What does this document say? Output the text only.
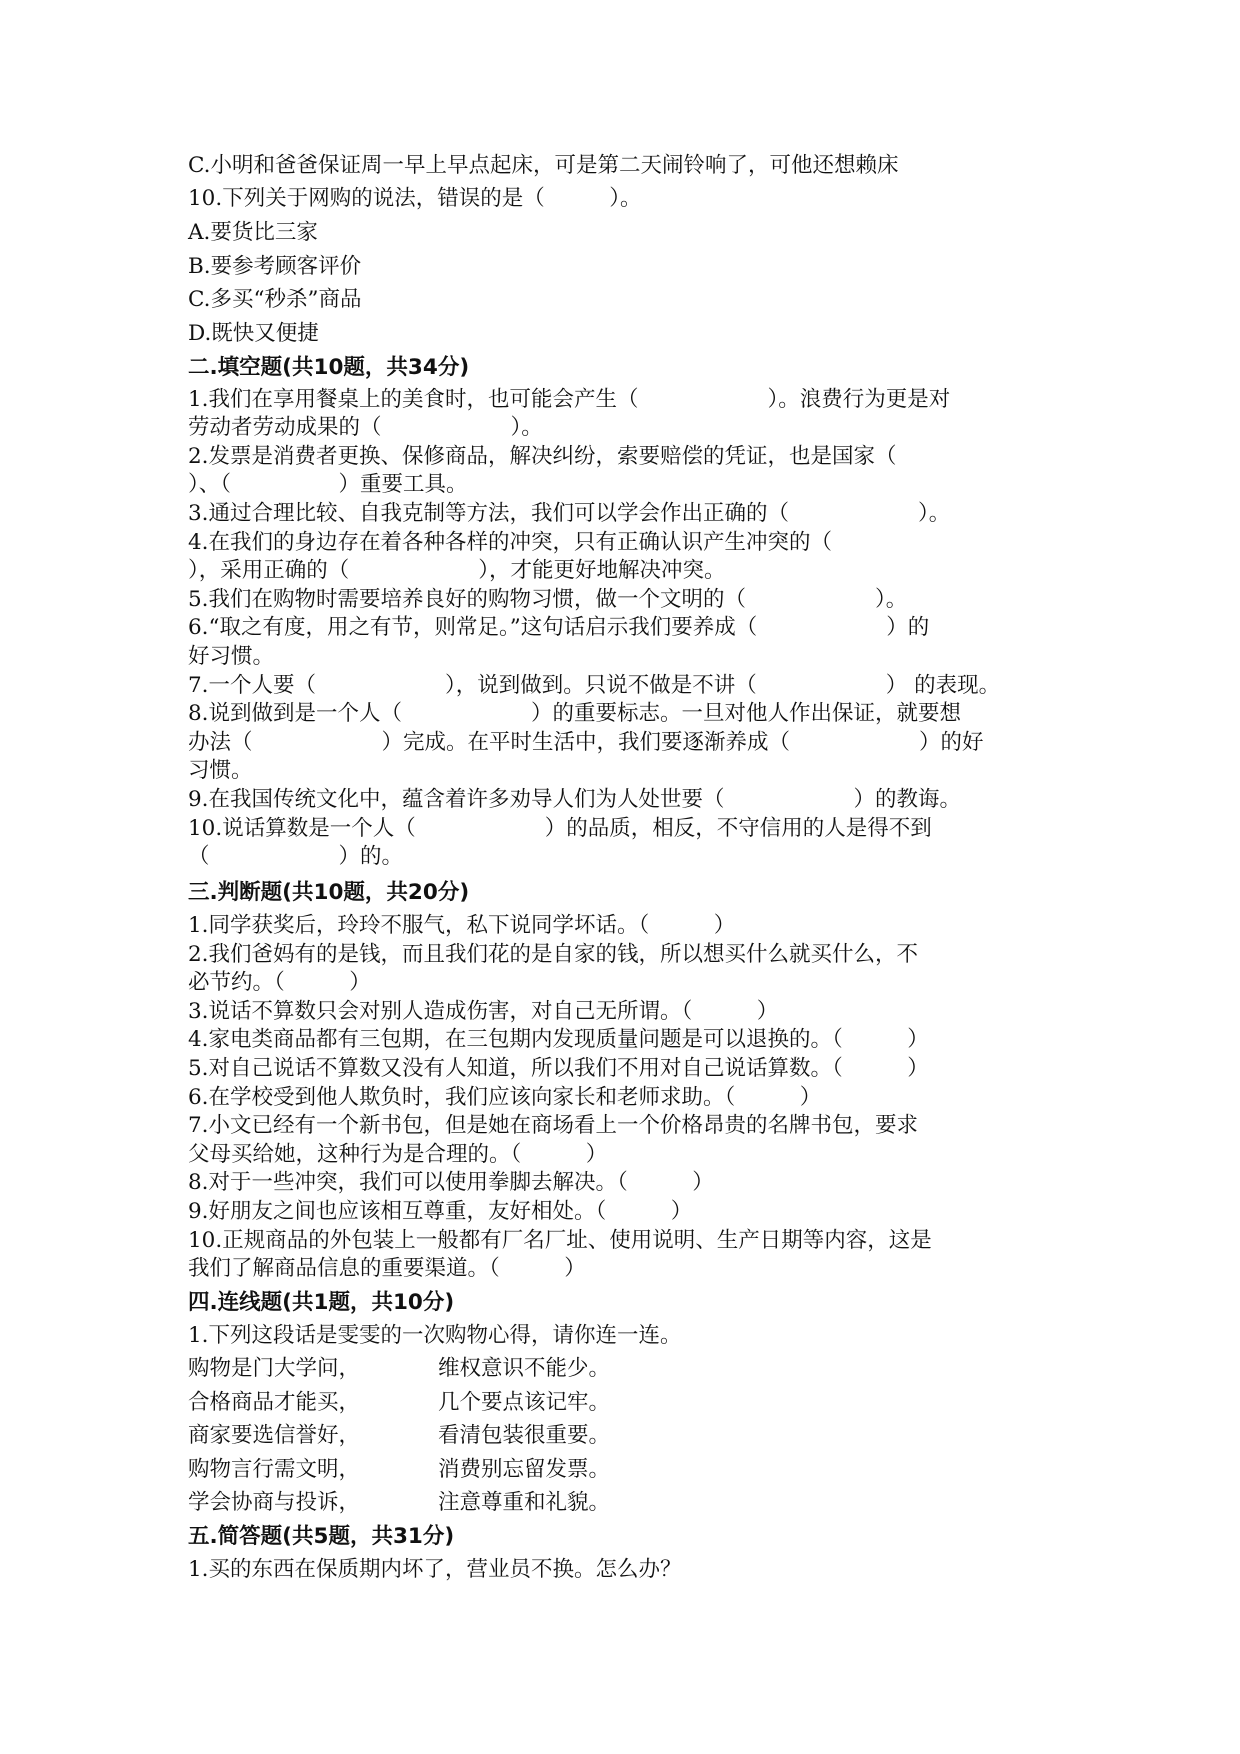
C.小明和爸爸保证周一早上早点起床，可是第二天闹铃响了，可他还想赖床
10.下列关于网购的说法，错误的是（　　　）。
A.要货比三家
B.要参考顾客评价
C.多买“秒杀”商品
D.既快又便捷
二.填空题(共10题，共34分)
1.我们在享用餐桌上的美食时，也可能会产生（　　　　　　）。浪费行为更是对
劳动者劳动成果的（　　　　　　）。
2.发票是消费者更换、保修商品，解决纠纷，索要赔偿的凭证，也是国家（
）、（　　　　　）重要工具。
3.通过合理比较、自我克制等方法，我们可以学会作出正确的（　　　　　　）。
4.在我们的身边存在着各种各样的冲突，只有正确认识产生冲突的（
），采用正确的（　　　　　　），才能更好地解决冲突。
5.我们在购物时需要培养良好的购物习惯，做一个文明的（　　　　　　）。
6.“取之有度，用之有节，则常足。”这句话启示我们要养成（　　　　　　）的
好习惯。
7.一个人要（　　　　　　），说到做到。只说不做是不讲（　　　　　　） 的表现。
8.说到做到是一个人（　　　　　　）的重要标志。一旦对他人作出保证，就要想
办法（　　　　　　）完成。在平时生活中，我们要逐渐养成（　　　　　　）的好
习惯。
9.在我国传统文化中，蕴含着许多劝导人们为人处世要（　　　　　　）的教诲。
10.说话算数是一个人（　　　　　　）的品质，相反，不守信用的人是得不到
（　　　　　　）的。
三.判断题(共10题，共20分)
1.同学获奖后，玲玲不服气，私下说同学坏话。（　　　）
2.我们爸妈有的是钱，而且我们花的是自家的钱，所以想买什么就买什么，不
必节约。（　　　）
3.说话不算数只会对别人造成伤害，对自己无所谓。（　　　）
4.家电类商品都有三包期，在三包期内发现质量问题是可以退换的。（　　　）
5.对自己说话不算数又没有人知道，所以我们不用对自己说话算数。（　　　）
6.在学校受到他人欺负时，我们应该向家长和老师求助。（　　　）
7.小文已经有一个新书包，但是她在商场看上一个价格昂贵的名牌书包，要求
父母买给她，这种行为是合理的。（　　　）
8.对于一些冲突，我们可以使用拳脚去解决。（　　　）
9.好朋友之间也应该相互尊重，友好相处。（　　　）
10.正规商品的外包装上一般都有厂名厂址、使用说明、生产日期等内容，这是
我们了解商品信息的重要渠道。（　　　）
四.连线题(共1题，共10分)
1.下列这段话是雯雯的一次购物心得，请你连一连。
购物是门大学问，	维权意识不能少。
合格商品才能买，	几个要点该记牢。
商家要选信誉好，	看清包装很重要。
购物言行需文明，	消费别忘留发票。
学会协商与投诉，	注意尊重和礼貌。
五.简答题(共5题，共31分)
1.买的东西在保质期内坏了，营业员不换。怎么办？
